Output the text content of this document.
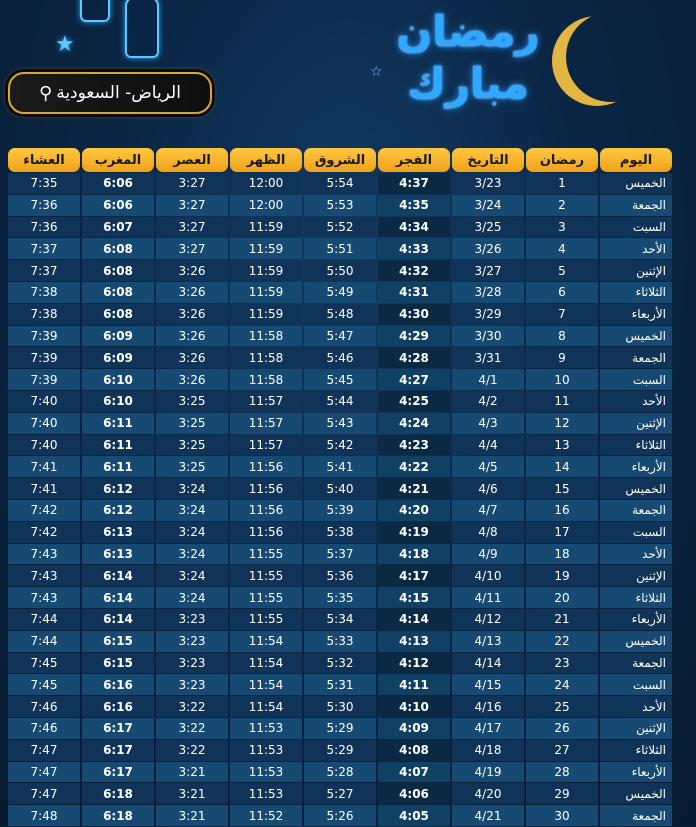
★
⚲ الرياض- السعودية
رمضان
مبارك
☆
اليوم	رمضان	التاريخ	الفجر	الشروق	الظهر	العصر	المغرب	العشاء
الخميس	1	3/23	4:37	5:54	12:00	3:27	6:06	7:35
الجمعة	2	3/24	4:35	5:53	12:00	3:27	6:06	7:36
السبت	3	3/25	4:34	5:52	11:59	3:27	6:07	7:36
الأحد	4	3/26	4:33	5:51	11:59	3:27	6:08	7:37
الإثنين	5	3/27	4:32	5:50	11:59	3:26	6:08	7:37
الثلاثاء	6	3/28	4:31	5:49	11:59	3:26	6:08	7:38
الأربعاء	7	3/29	4:30	5:48	11:59	3:26	6:08	7:38
الخميس	8	3/30	4:29	5:47	11:58	3:26	6:09	7:39
الجمعة	9	3/31	4:28	5:46	11:58	3:26	6:09	7:39
السبت	10	4/1	4:27	5:45	11:58	3:26	6:10	7:39
الأحد	11	4/2	4:25	5:44	11:57	3:25	6:10	7:40
الإثنين	12	4/3	4:24	5:43	11:57	3:25	6:11	7:40
الثلاثاء	13	4/4	4:23	5:42	11:57	3:25	6:11	7:40
الأربعاء	14	4/5	4:22	5:41	11:56	3:25	6:11	7:41
الخميس	15	4/6	4:21	5:40	11:56	3:24	6:12	7:41
الجمعة	16	4/7	4:20	5:39	11:56	3:24	6:12	7:42
السبت	17	4/8	4:19	5:38	11:56	3:24	6:13	7:42
الأحد	18	4/9	4:18	5:37	11:55	3:24	6:13	7:43
الإثنين	19	4/10	4:17	5:36	11:55	3:24	6:14	7:43
الثلاثاء	20	4/11	4:15	5:35	11:55	3:24	6:14	7:43
الأربعاء	21	4/12	4:14	5:34	11:55	3:23	6:14	7:44
الخميس	22	4/13	4:13	5:33	11:54	3:23	6:15	7:44
الجمعة	23	4/14	4:12	5:32	11:54	3:23	6:15	7:45
السبت	24	4/15	4:11	5:31	11:54	3:23	6:16	7:45
الأحد	25	4/16	4:10	5:30	11:54	3:22	6:16	7:46
الإثنين	26	4/17	4:09	5:29	11:53	3:22	6:17	7:46
الثلاثاء	27	4/18	4:08	5:29	11:53	3:22	6:17	7:47
الأربعاء	28	4/19	4:07	5:28	11:53	3:21	6:17	7:47
الخميس	29	4/20	4:06	5:27	11:53	3:21	6:18	7:47
الجمعة	30	4/21	4:05	5:26	11:52	3:21	6:18	7:48
